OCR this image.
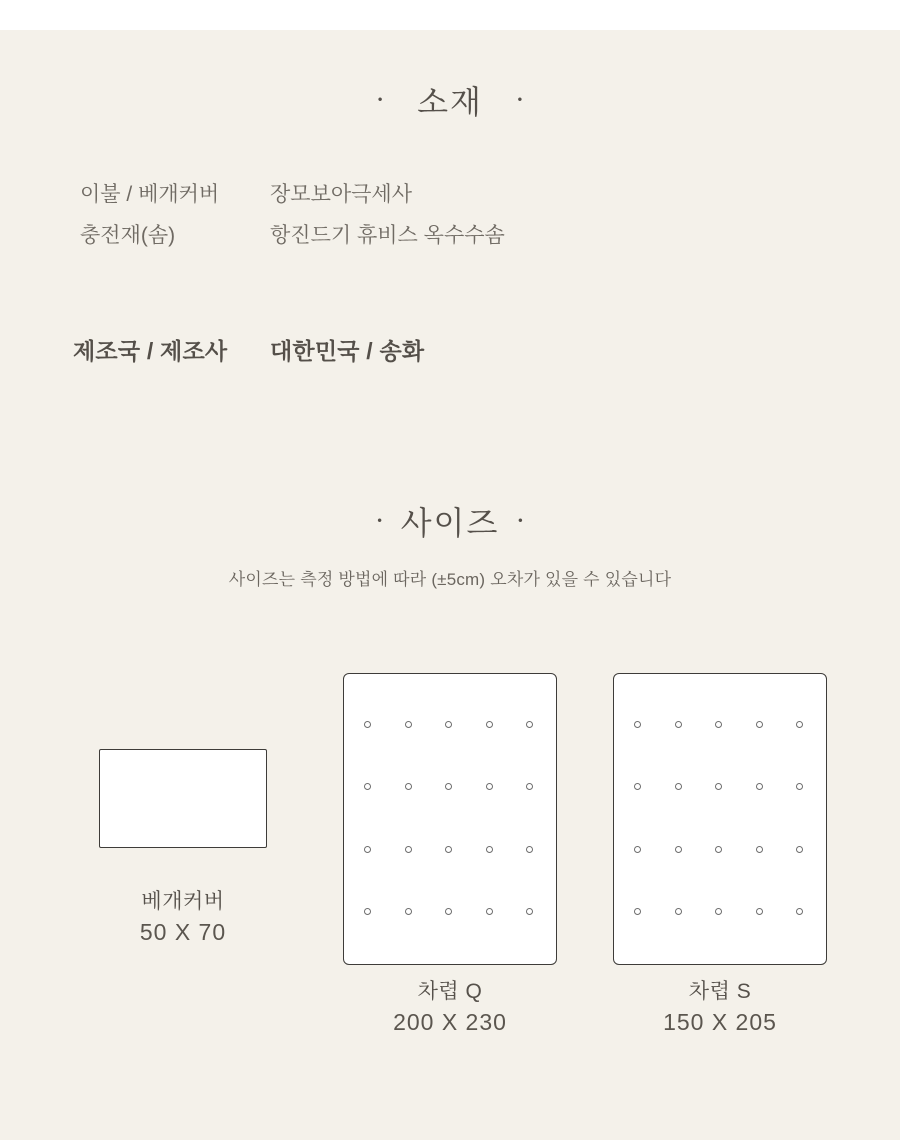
· 소재 ·
이불 / 베개커버	장모보아극세사
충전재(솜)	항진드기 휴비스 옥수수솜
제조국 / 제조사	대한민국 / 송화
· 사이즈 ·
사이즈는 측정 방법에 따라 (±5cm) 오차가 있을 수 있습니다
베개커버
50 X 70
차렵 Q
200 X 230
차렵 S
150 X 205
